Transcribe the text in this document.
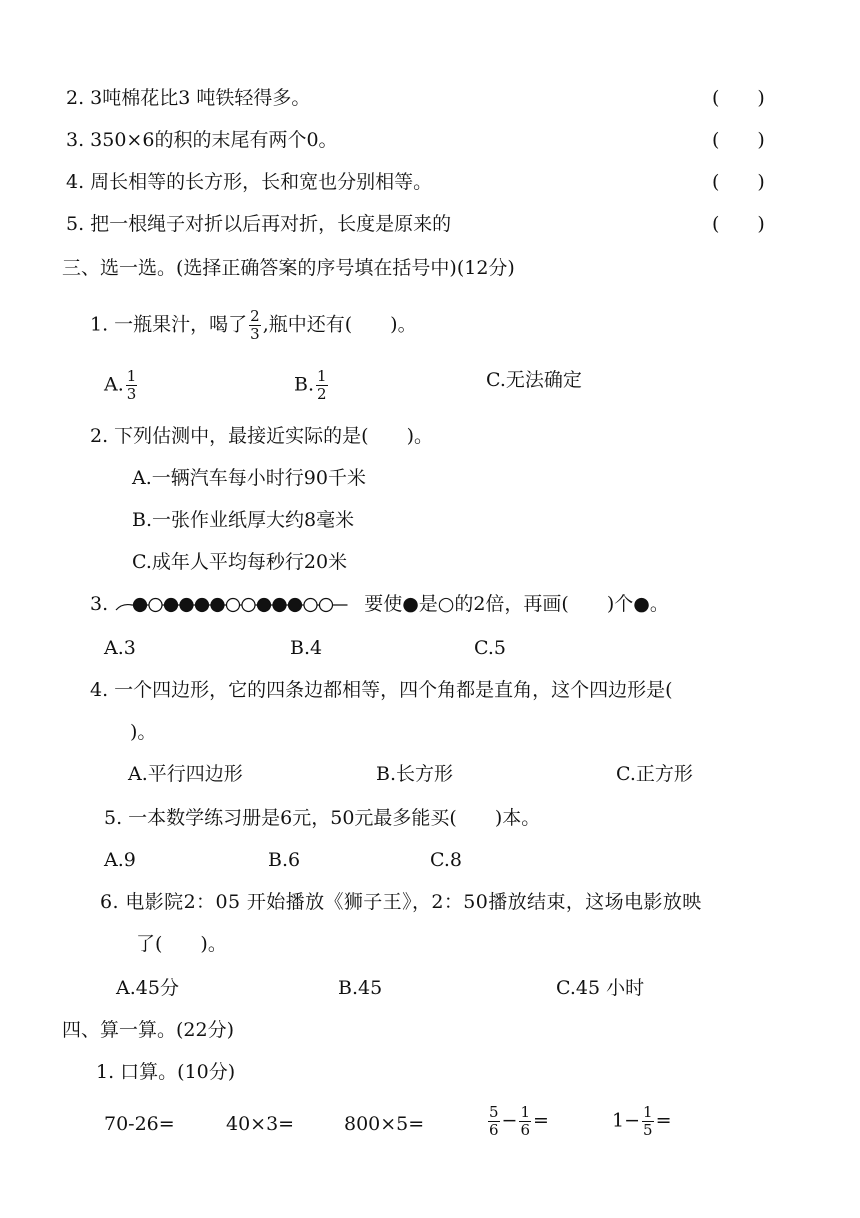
2. 3吨棉花比3 吨铁轻得多。	(　　)
3. 350×6的积的末尾有两个0。	(　　)
4. 周长相等的长方形，长和宽也分别相等。	(　　)
5. 把一根绳子对折以后再对折，长度是原来的	(　　)
三、选一选。(选择正确答案的序号填在括号中)(12分)
1. 一瓶果汁，喝了 $\frac{2}{3}$ ,瓶中还有(　　)。
A. $\frac{1}{3}$	B. $\frac{1}{2}$	C.无法确定
2. 下列估测中，最接近实际的是(　　)。
A.一辆汽车每小时行90千米
B.一张作业纸厚大约8毫米
C.成年人平均每秒行20米
3.	要使●是○的2倍，再画(　　)个●。
A.3	B.4	C.5
4. 一个四边形，它的四条边都相等，四个角都是直角，这个四边形是(
)。
A.平行四边形	B.长方形	C.正方形
5. 一本数学练习册是6元，50元最多能买(　　)本。
A.9	B.6	C.8
6. 电影院2：05 开始播放《狮子王》，2：50播放结束，这场电影放映
了(　　)。
A.45分	B.45	C.45 小时
四、算一算。(22分)
1. 口算。(10分)
70-26=	40×3=	800×5=	$\frac{5}{6} - \frac{1}{6}$ =	$1- \frac{1}{5}$ =
